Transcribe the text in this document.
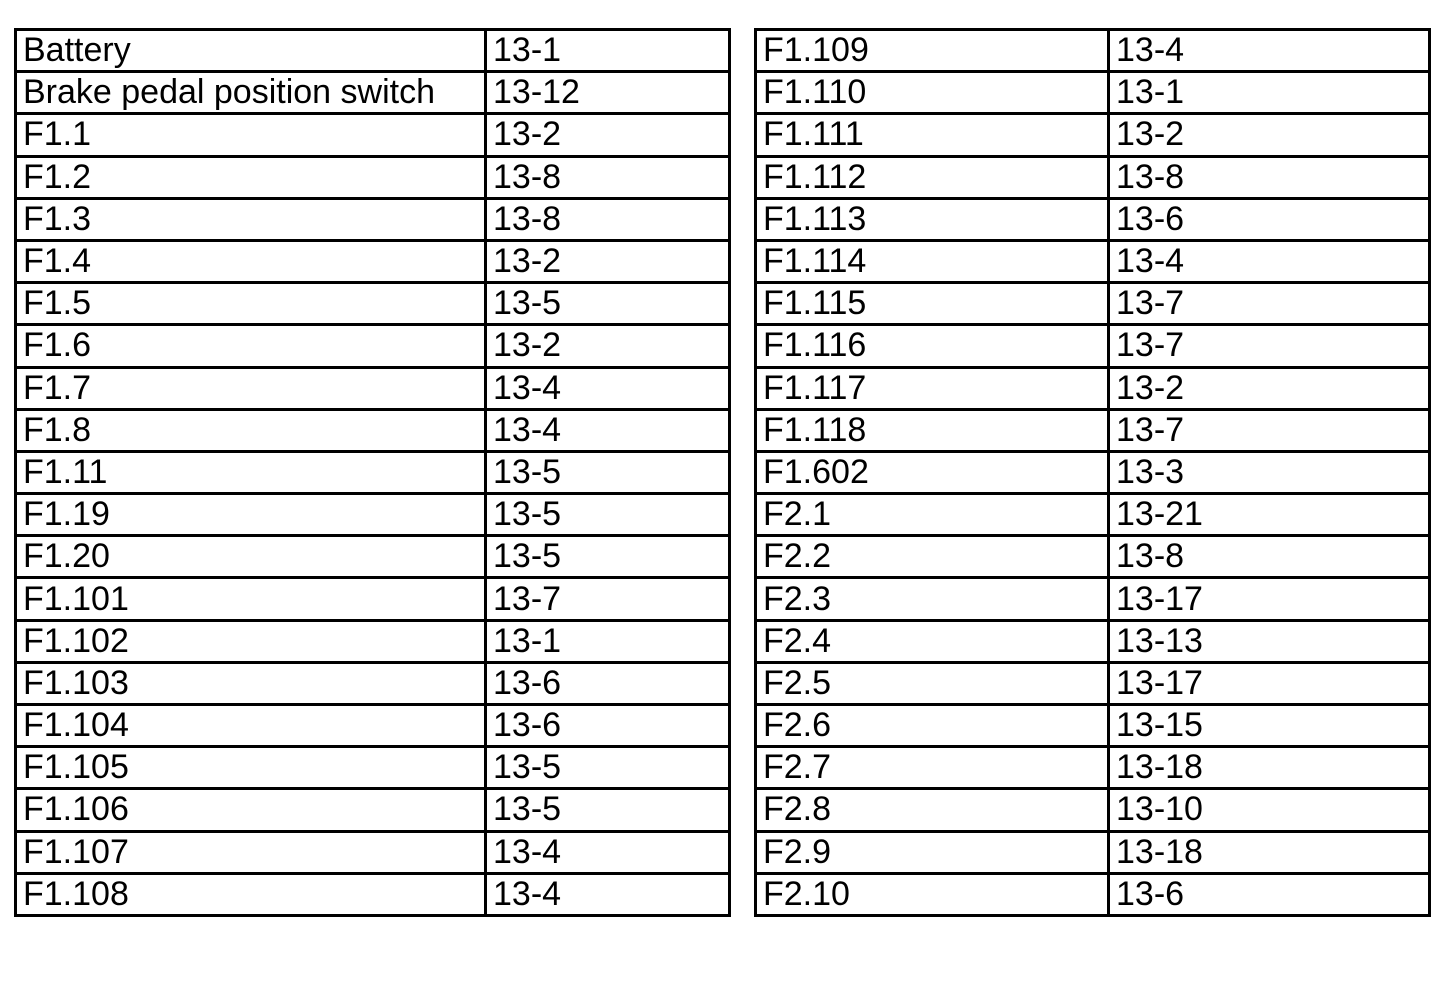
Battery	13-1
Brake pedal position switch	13-12
F1.1	13-2
F1.2	13-8
F1.3	13-8
F1.4	13-2
F1.5	13-5
F1.6	13-2
F1.7	13-4
F1.8	13-4
F1.11	13-5
F1.19	13-5
F1.20	13-5
F1.101	13-7
F1.102	13-1
F1.103	13-6
F1.104	13-6
F1.105	13-5
F1.106	13-5
F1.107	13-4
F1.108	13-4
F1.109	13-4
F1.110	13-1
F1.111	13-2
F1.112	13-8
F1.113	13-6
F1.114	13-4
F1.115	13-7
F1.116	13-7
F1.117	13-2
F1.118	13-7
F1.602	13-3
F2.1	13-21
F2.2	13-8
F2.3	13-17
F2.4	13-13
F2.5	13-17
F2.6	13-15
F2.7	13-18
F2.8	13-10
F2.9	13-18
F2.10	13-6
